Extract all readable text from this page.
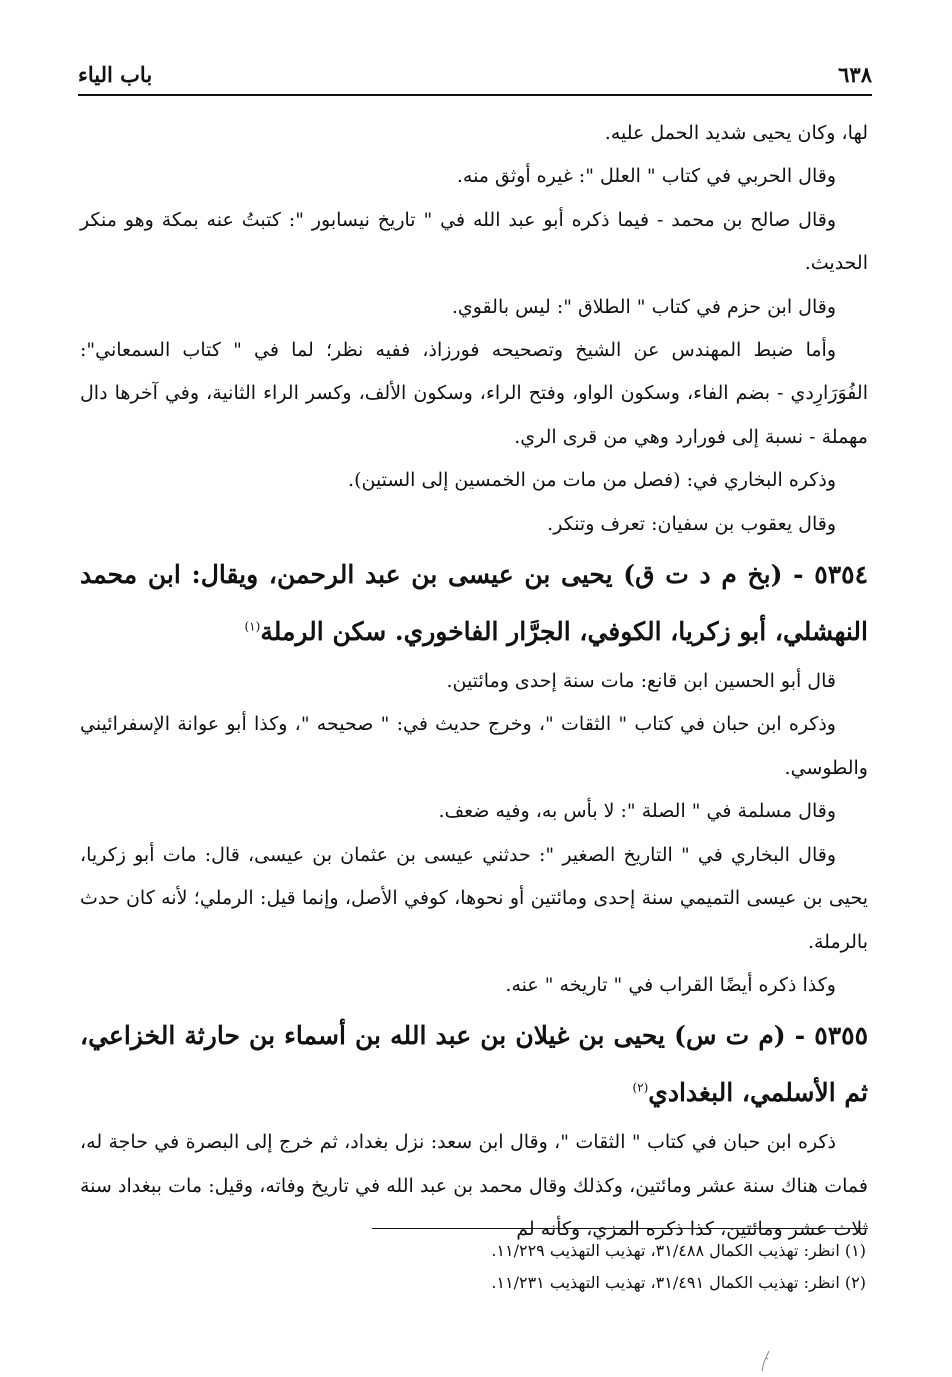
٦٣٨
باب الياء

لها، وكان يحيى شديد الحمل عليه.

وقال الحربي في كتاب " العلل ": غيره أوثق منه.

وقال صالح بن محمد - فيما ذكره أبو عبد الله في " تاريخ نيسابور ": كتبتُ عنه بمكة وهو منكر الحديث.

وقال ابن حزم في كتاب " الطلاق ": ليس بالقوي.

وأما ضبط المهندس عن الشيخ وتصحيحه فورزاذ، ففيه نظر؛ لما في " كتاب السمعاني": الفُوَرَارِدي - بضم الفاء، وسكون الواو، وفتح الراء، وسكون الألف، وكسر الراء الثانية، وفي آخرها دال مهملة - نسبة إلى فورارد وهي من قرى الري.

وذكره البخاري في: (فصل من مات من الخمسين إلى الستين).

وقال يعقوب بن سفيان: تعرف وتنكر.

٥٣٥٤ - (بخ م د ت ق) يحيى بن عيسى بن عبد الرحمن، ويقال: ابن محمد النهشلي، أبو زكريا، الكوفي، الجرَّار الفاخوري. سكن الرملة$^{(١)}$

قال أبو الحسين ابن قانع: مات سنة إحدى ومائتين.

وذكره ابن حبان في كتاب " الثقات "، وخرج حديث في: " صحيحه "، وكذا أبو عوانة الإسفرائيني والطوسي.

وقال مسلمة في " الصلة ": لا بأس به، وفيه ضعف.

وقال البخاري في " التاريخ الصغير ": حدثني عيسى بن عثمان بن عيسى، قال: مات أبو زكريا، يحيى بن عيسى التميمي سنة إحدى ومائتين أو نحوها، كوفي الأصل، وإنما قيل: الرملي؛ لأنه كان حدث بالرملة.

وكذا ذكره أيضًا القراب في " تاريخه " عنه.

٥٣٥٥ - (م ت س) يحيى بن غيلان بن عبد الله بن أسماء بن حارثة الخزاعي، ثم الأسلمي، البغدادي$^{(٢)}$

ذكره ابن حبان في كتاب " الثقات "، وقال ابن سعد: نزل بغداد، ثم خرج إلى البصرة في حاجة له، فمات هناك سنة عشر ومائتين، وكذلك وقال محمد بن عبد الله في تاريخ وفاته، وقيل: مات ببغداد سنة ثلاث عشر ومائتين، كذا ذكره المزي، وكأنه لم

(١) انظر: تهذيب الكمال ٣١/٤٨٨، تهذيب التهذيب ١١/٢٢٩.

(٢) انظر: تهذيب الكمال ٣١/٤٩١، تهذيب التهذيب ١١/٢٣١.
